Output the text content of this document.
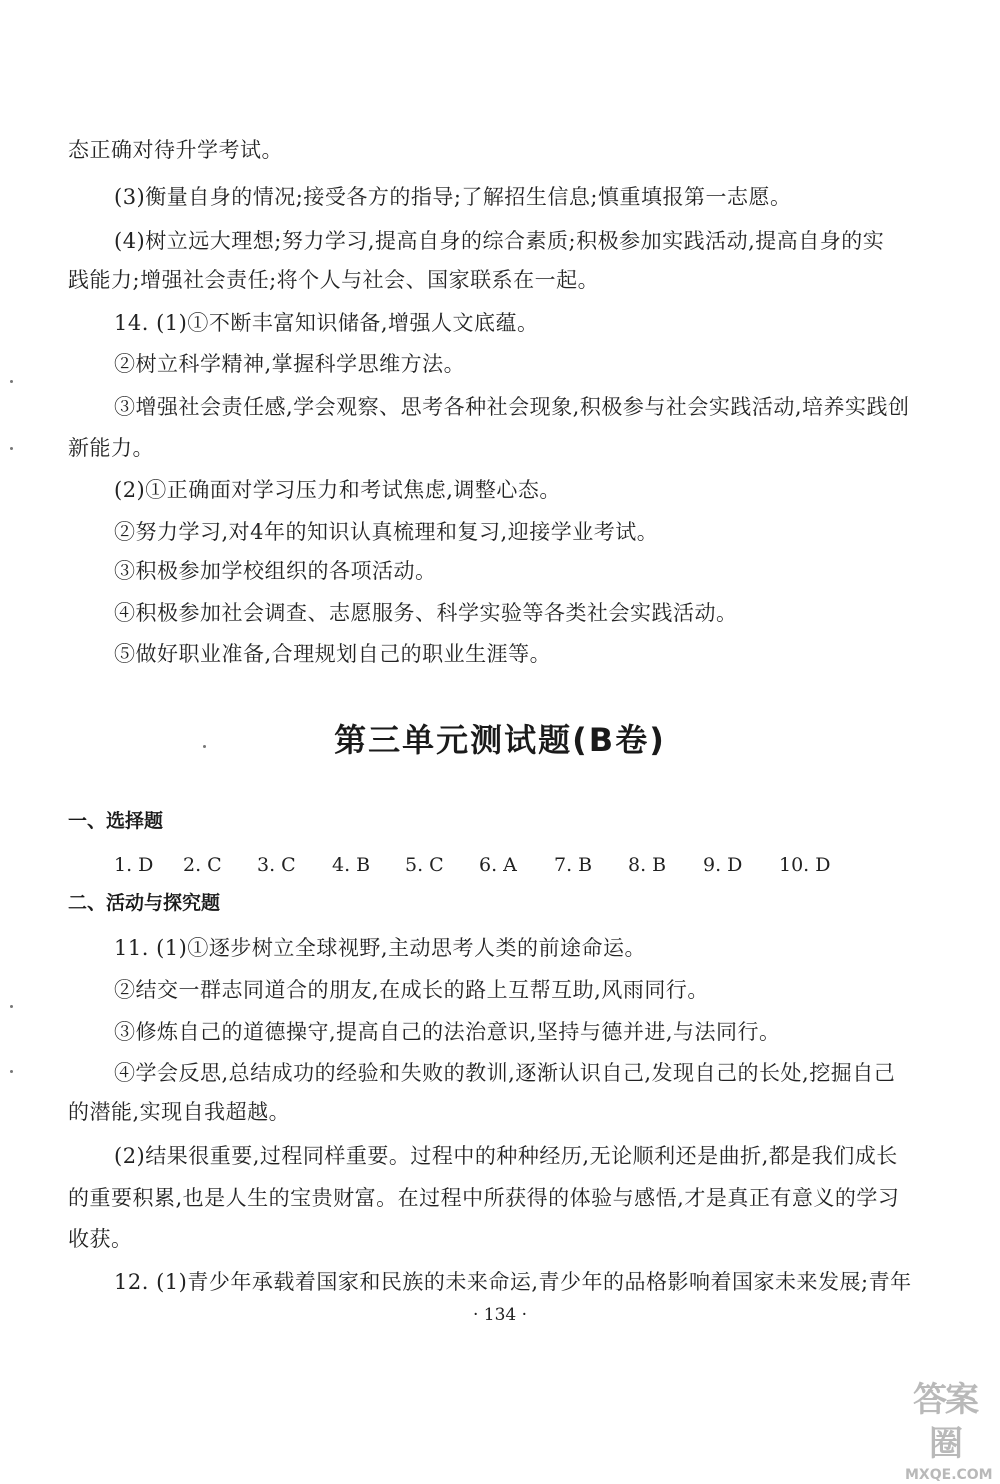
态正确对待升学考试。
(3)衡量自身的情况;接受各方的指导;了解招生信息;慎重填报第一志愿。
(4)树立远大理想;努力学习,提高自身的综合素质;积极参加实践活动,提高自身的实
践能力;增强社会责任;将个人与社会、国家联系在一起。
14. (1)①不断丰富知识储备,增强人文底蕴。
②树立科学精神,掌握科学思维方法。
③增强社会责任感,学会观察、思考各种社会现象,积极参与社会实践活动,培养实践创
新能力。
(2)①正确面对学习压力和考试焦虑,调整心态。
②努力学习,对4年的知识认真梳理和复习,迎接学业考试。
③积极参加学校组织的各项活动。
④积极参加社会调查、志愿服务、科学实验等各类社会实践活动。
⑤做好职业准备,合理规划自己的职业生涯等。
第三单元测试题(B卷)
一、选择题
1. D 2. C 3. C 4. B 5. C 6. A 7. B 8. B 9. D 10. D
二、活动与探究题
11. (1)①逐步树立全球视野,主动思考人类的前途命运。
②结交一群志同道合的朋友,在成长的路上互帮互助,风雨同行。
③修炼自己的道德操守,提高自己的法治意识,坚持与德并进,与法同行。
④学会反思,总结成功的经验和失败的教训,逐渐认识自己,发现自己的长处,挖掘自己
的潜能,实现自我超越。
(2)结果很重要,过程同样重要。过程中的种种经历,无论顺利还是曲折,都是我们成长
的重要积累,也是人生的宝贵财富。在过程中所获得的体验与感悟,才是真正有意义的学习
收获。
12. (1)青少年承载着国家和民族的未来命运,青少年的品格影响着国家未来发展;青年
· 134 ·
答案圈
MXQE.COM
